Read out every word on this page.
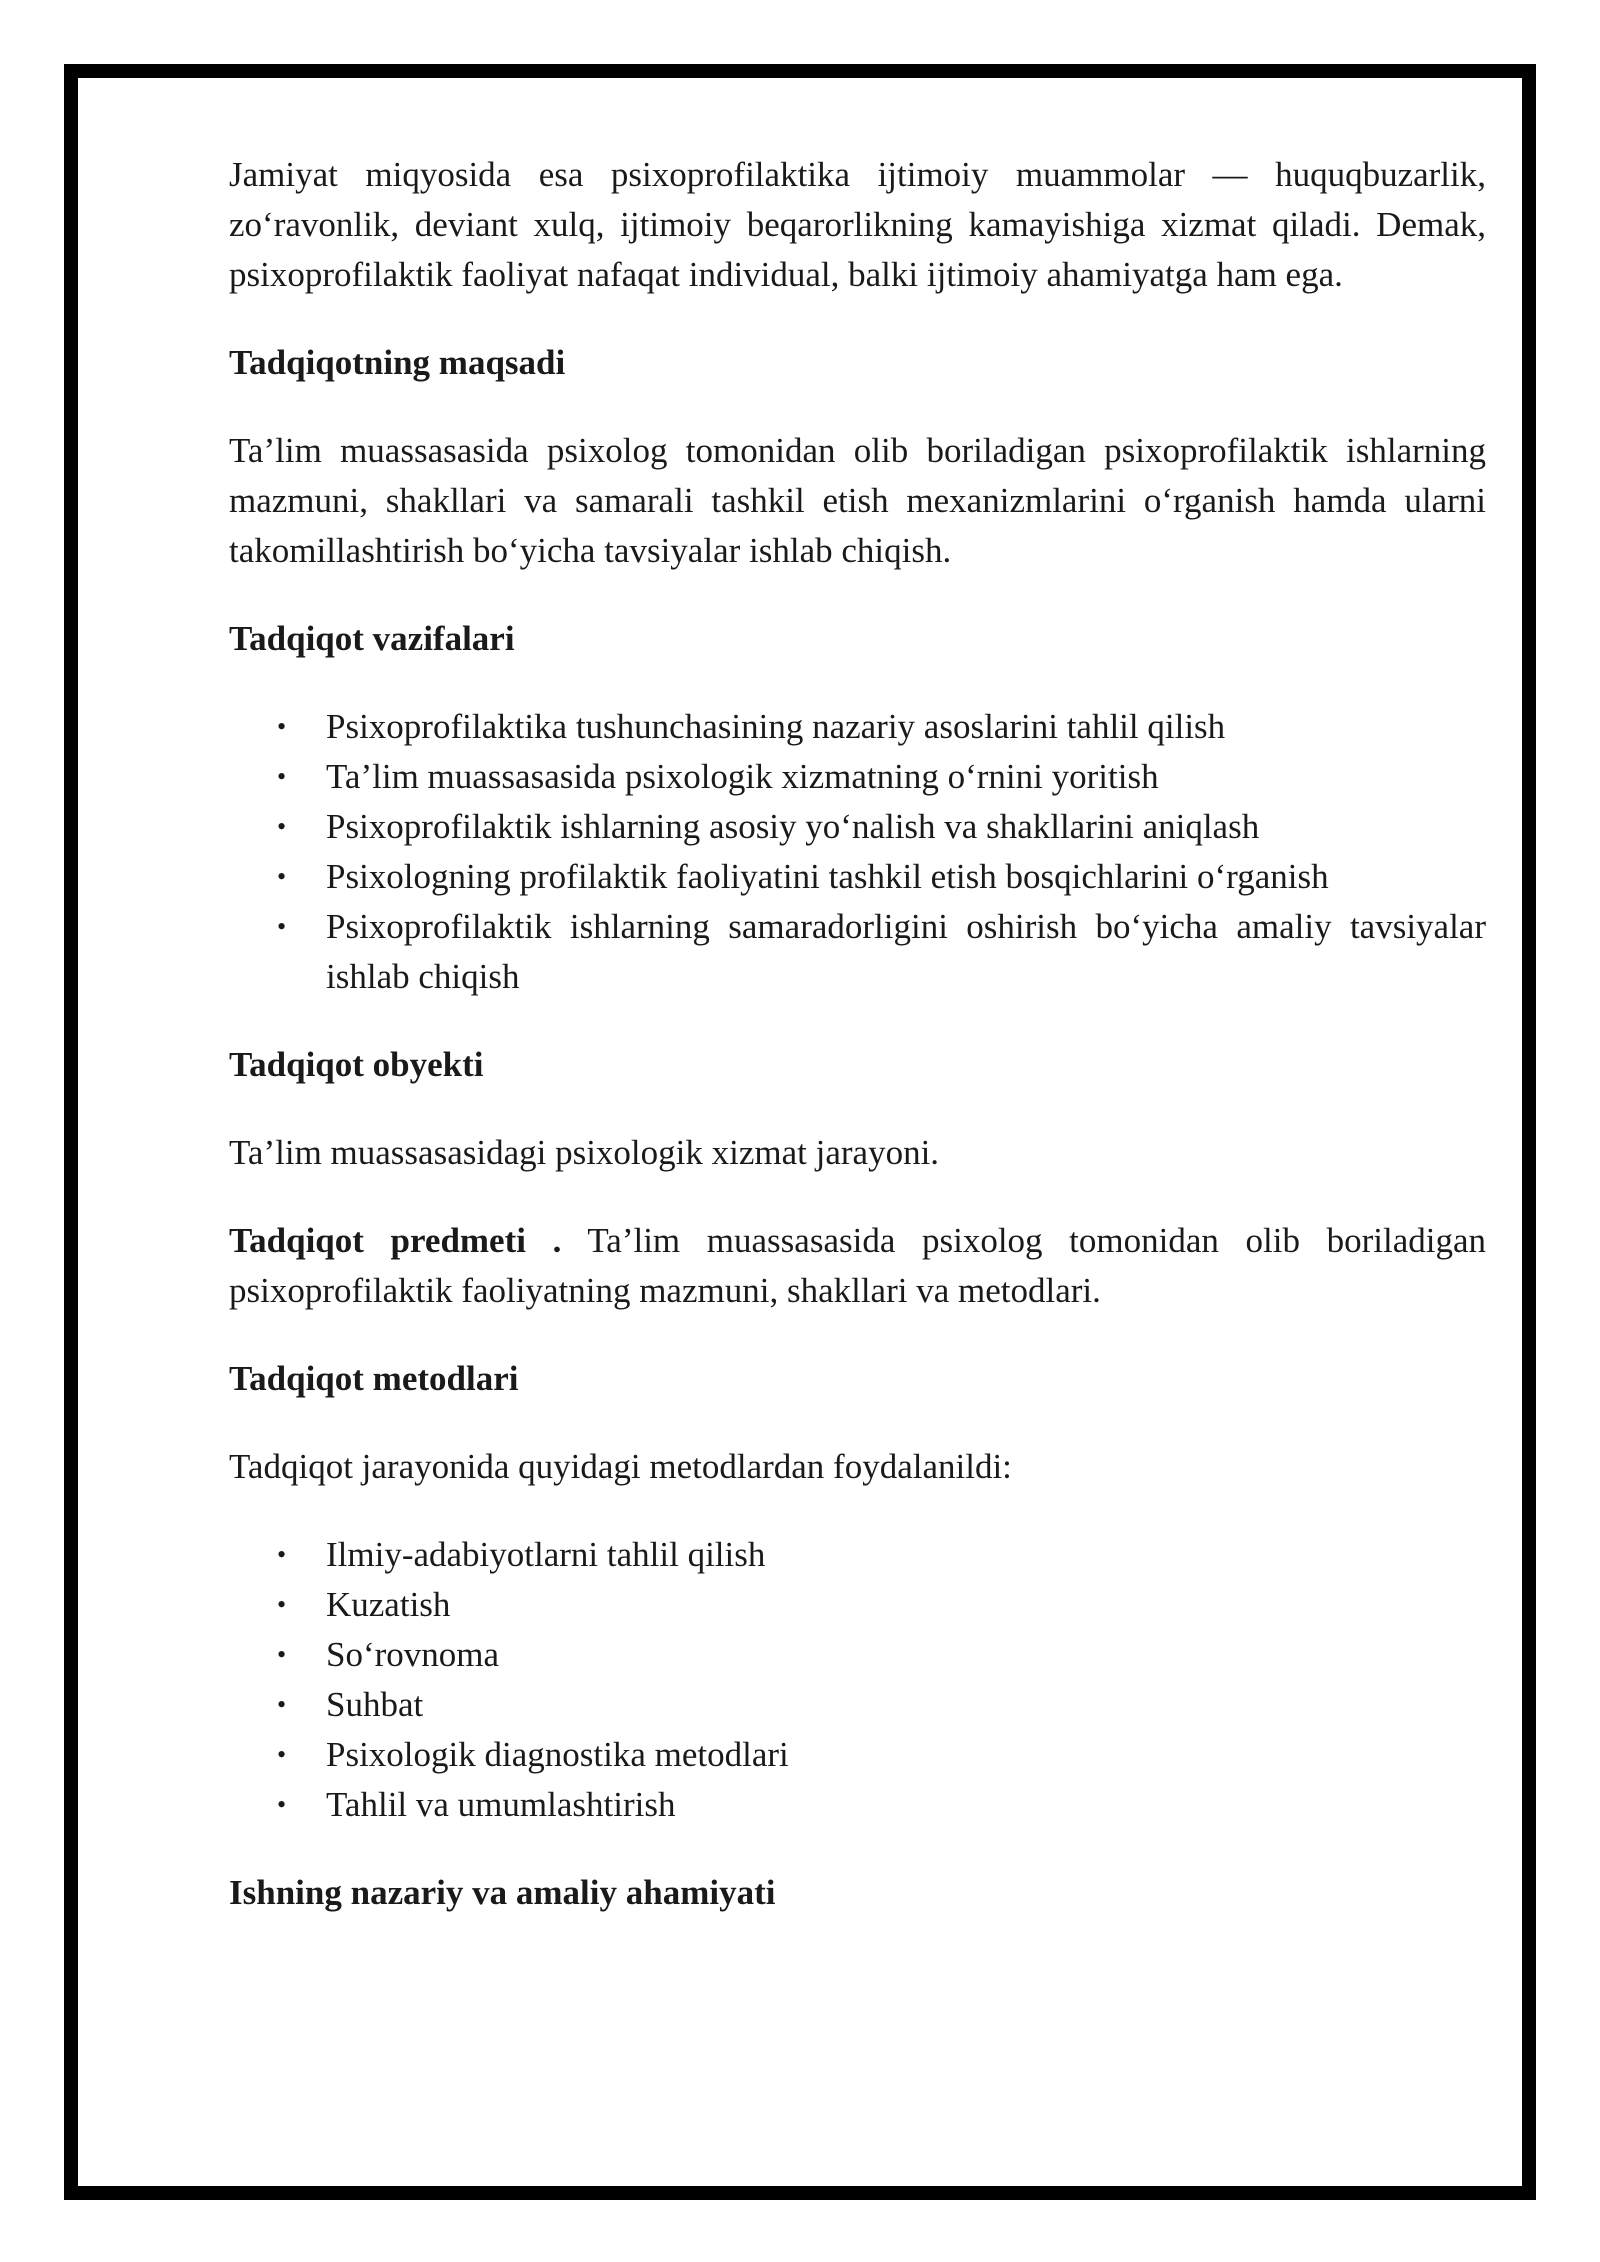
Jamiyat miqyosida esa psixoprofilaktika ijtimoiy muammolar — huquqbuzarlik, zo‘ravonlik, deviant xulq, ijtimoiy beqarorlikning kamayishiga xizmat qiladi. Demak, psixoprofilaktik faoliyat nafaqat individual, balki ijtimoiy ahamiyatga ham ega.

Tadqiqotning maqsadi

Ta’lim muassasasida psixolog tomonidan olib boriladigan psixoprofilaktik ishlarning mazmuni, shakllari va samarali tashkil etish mexanizmlarini o‘rganish hamda ularni takomillashtirish bo‘yicha tavsiyalar ishlab chiqish.

Tadqiqot vazifalari
• Psixoprofilaktika tushunchasining nazariy asoslarini tahlil qilish
• Ta’lim muassasasida psixologik xizmatning o‘rnini yoritish
• Psixoprofilaktik ishlarning asosiy yo‘nalish va shakllarini aniqlash
• Psixologning profilaktik faoliyatini tashkil etish bosqichlarini o‘rganish
• Psixoprofilaktik ishlarning samaradorligini oshirish bo‘yicha amaliy tavsiyalar ishlab chiqish
Tadqiqot obyekti

Ta’lim muassasasidagi psixologik xizmat jarayoni.

Tadqiqot predmeti . Ta’lim muassasasida psixolog tomonidan olib boriladigan psixoprofilaktik faoliyatning mazmuni, shakllari va metodlari.

Tadqiqot metodlari

Tadqiqot jarayonida quyidagi metodlardan foydalanildi:

• Ilmiy-adabiyotlarni tahlil qilish
• Kuzatish
• So‘rovnoma
• Suhbat
• Psixologik diagnostika metodlari
• Tahlil va umumlashtirish
Ishning nazariy va amaliy ahamiyati
